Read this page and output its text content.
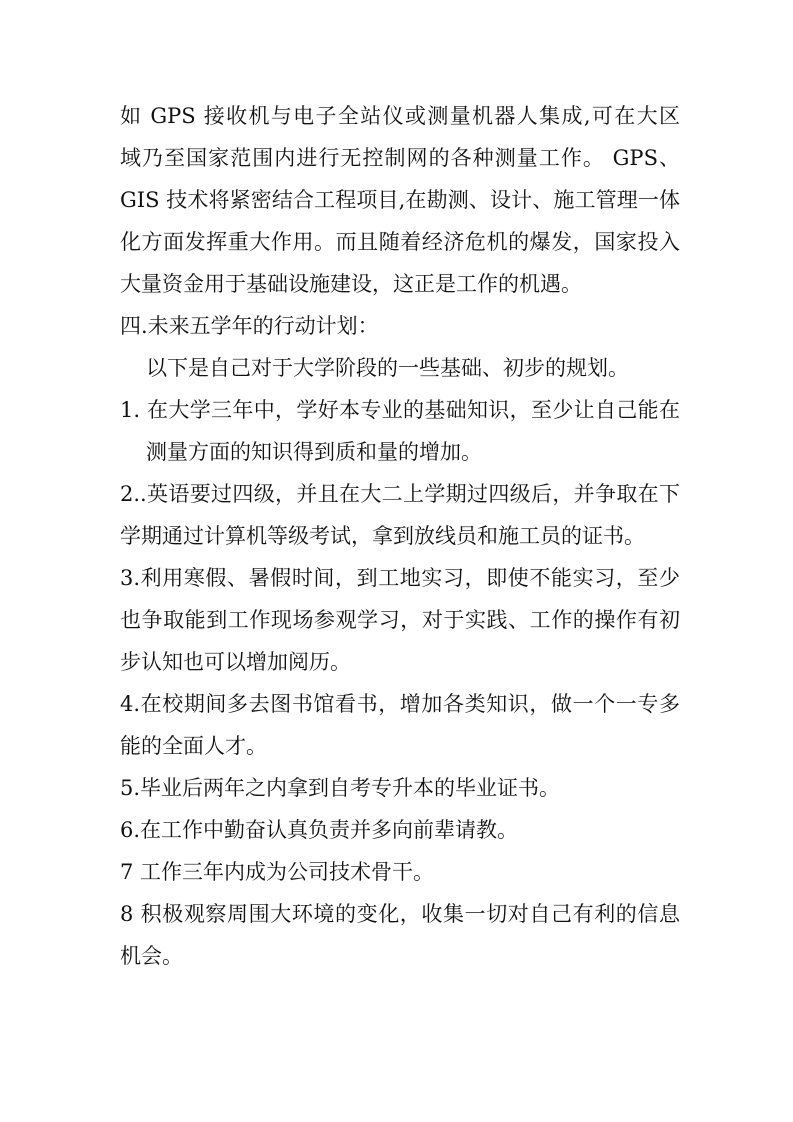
如 GPS 接收机与电子全站仪或测量机器人集成,可在大区
域乃至国家范围内进行无控制网的各种测量工作。 GPS、
GIS 技术将紧密结合工程项目,在勘测、设计、施工管理一体
化方面发挥重大作用。而且随着经济危机的爆发，国家投入
大量资金用于基础设施建设，这正是工作的机遇。
四.未来五学年的行动计划：
以下是自己对于大学阶段的一些基础、初步的规划。
1. 在大学三年中，学好本专业的基础知识，至少让自己能在
测量方面的知识得到质和量的增加。
2..英语要过四级，并且在大二上学期过四级后，并争取在下
学期通过计算机等级考试，拿到放线员和施工员的证书。
3.利用寒假、暑假时间，到工地实习，即使不能实习，至少
也争取能到工作现场参观学习，对于实践、工作的操作有初
步认知也可以增加阅历。
4.在校期间多去图书馆看书，增加各类知识，做一个一专多
能的全面人才。
5.毕业后两年之内拿到自考专升本的毕业证书。
6.在工作中勤奋认真负责并多向前辈请教。
7 工作三年内成为公司技术骨干。
8 积极观察周围大环境的变化，收集一切对自己有利的信息
机会。
